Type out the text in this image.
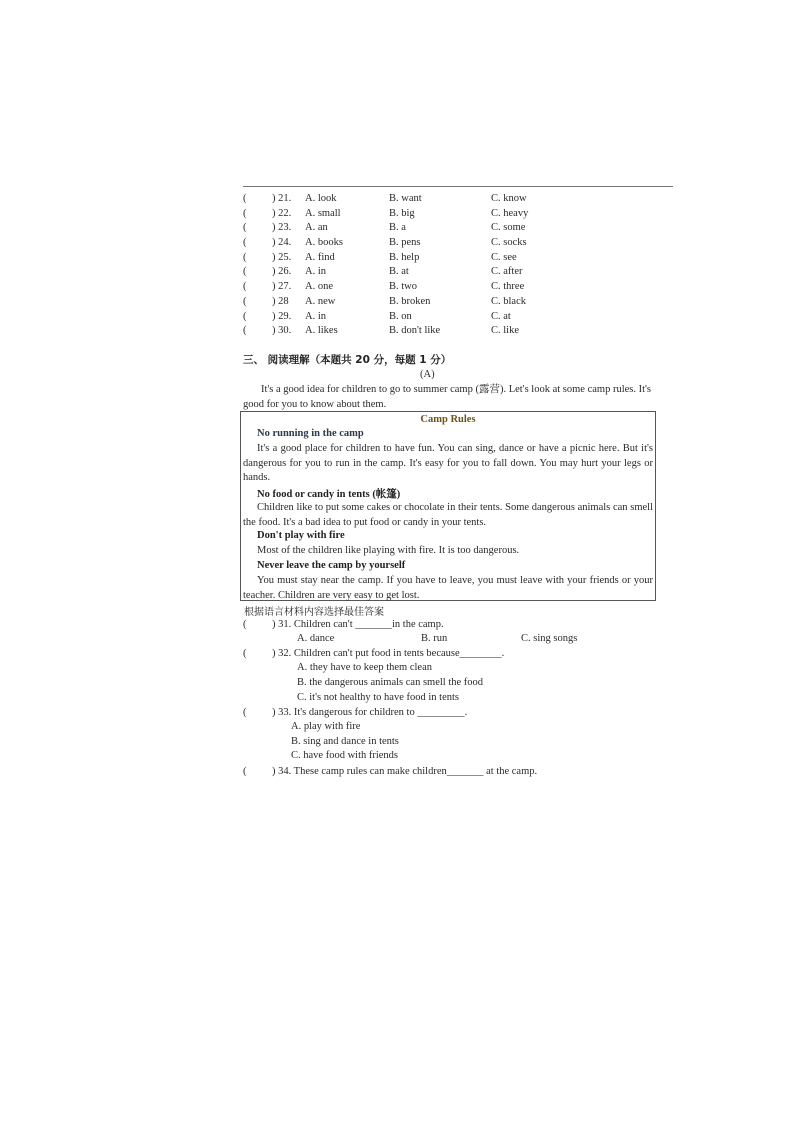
( ) 21. A. look	B. want	C. know
( ) 22. A. small	B. big	C. heavy
( ) 23. A. an	B. a	C. some
( ) 24. A. books	B. pens	C. socks
( ) 25. A. find	B. help	C. see
( ) 26. A. in	B. at	C. after
( ) 27. A. one	B. two	C. three
( ) 28 A. new	B. broken	C. black
( ) 29. A. in	B. on	C. at
( ) 30. A. likes	B. don't like	C. like
三、 阅读理解（本题共 20 分，每题 1 分）
(A)
It's a good idea for children to go to summer camp (露营). Let's look at some camp rules. It's good for you to know about them.
Camp Rules
No running in the camp
It's a good place for children to have fun. You can sing, dance or have a picnic here. But it's dangerous for you to run in the camp. It's easy for you to fall down. You may hurt your legs or hands.
No food or candy in tents (帐篷)
Children like to put some cakes or chocolate in their tents. Some dangerous animals can smell the food. It's a bad idea to put food or candy in your tents.
Don't play with fire
Most of the children like playing with fire. It is too dangerous.
Never leave the camp by yourself
You must stay near the camp. If you have to leave, you must leave with your friends or your teacher. Children are very easy to get lost.
根据语言材料内容选择最佳答案
( ) 31. Children can't _______in the camp.
A. dance	B. run	C. sing songs
( ) 32. Children can't put food in tents because________.
A. they have to keep them clean
B. the dangerous animals can smell the food
C. it's not healthy to have food in tents
( ) 33. It's dangerous for children to _________.
A. play with fire
B. sing and dance in tents
C. have food with friends
( ) 34. These camp rules can make children_______ at the camp.
